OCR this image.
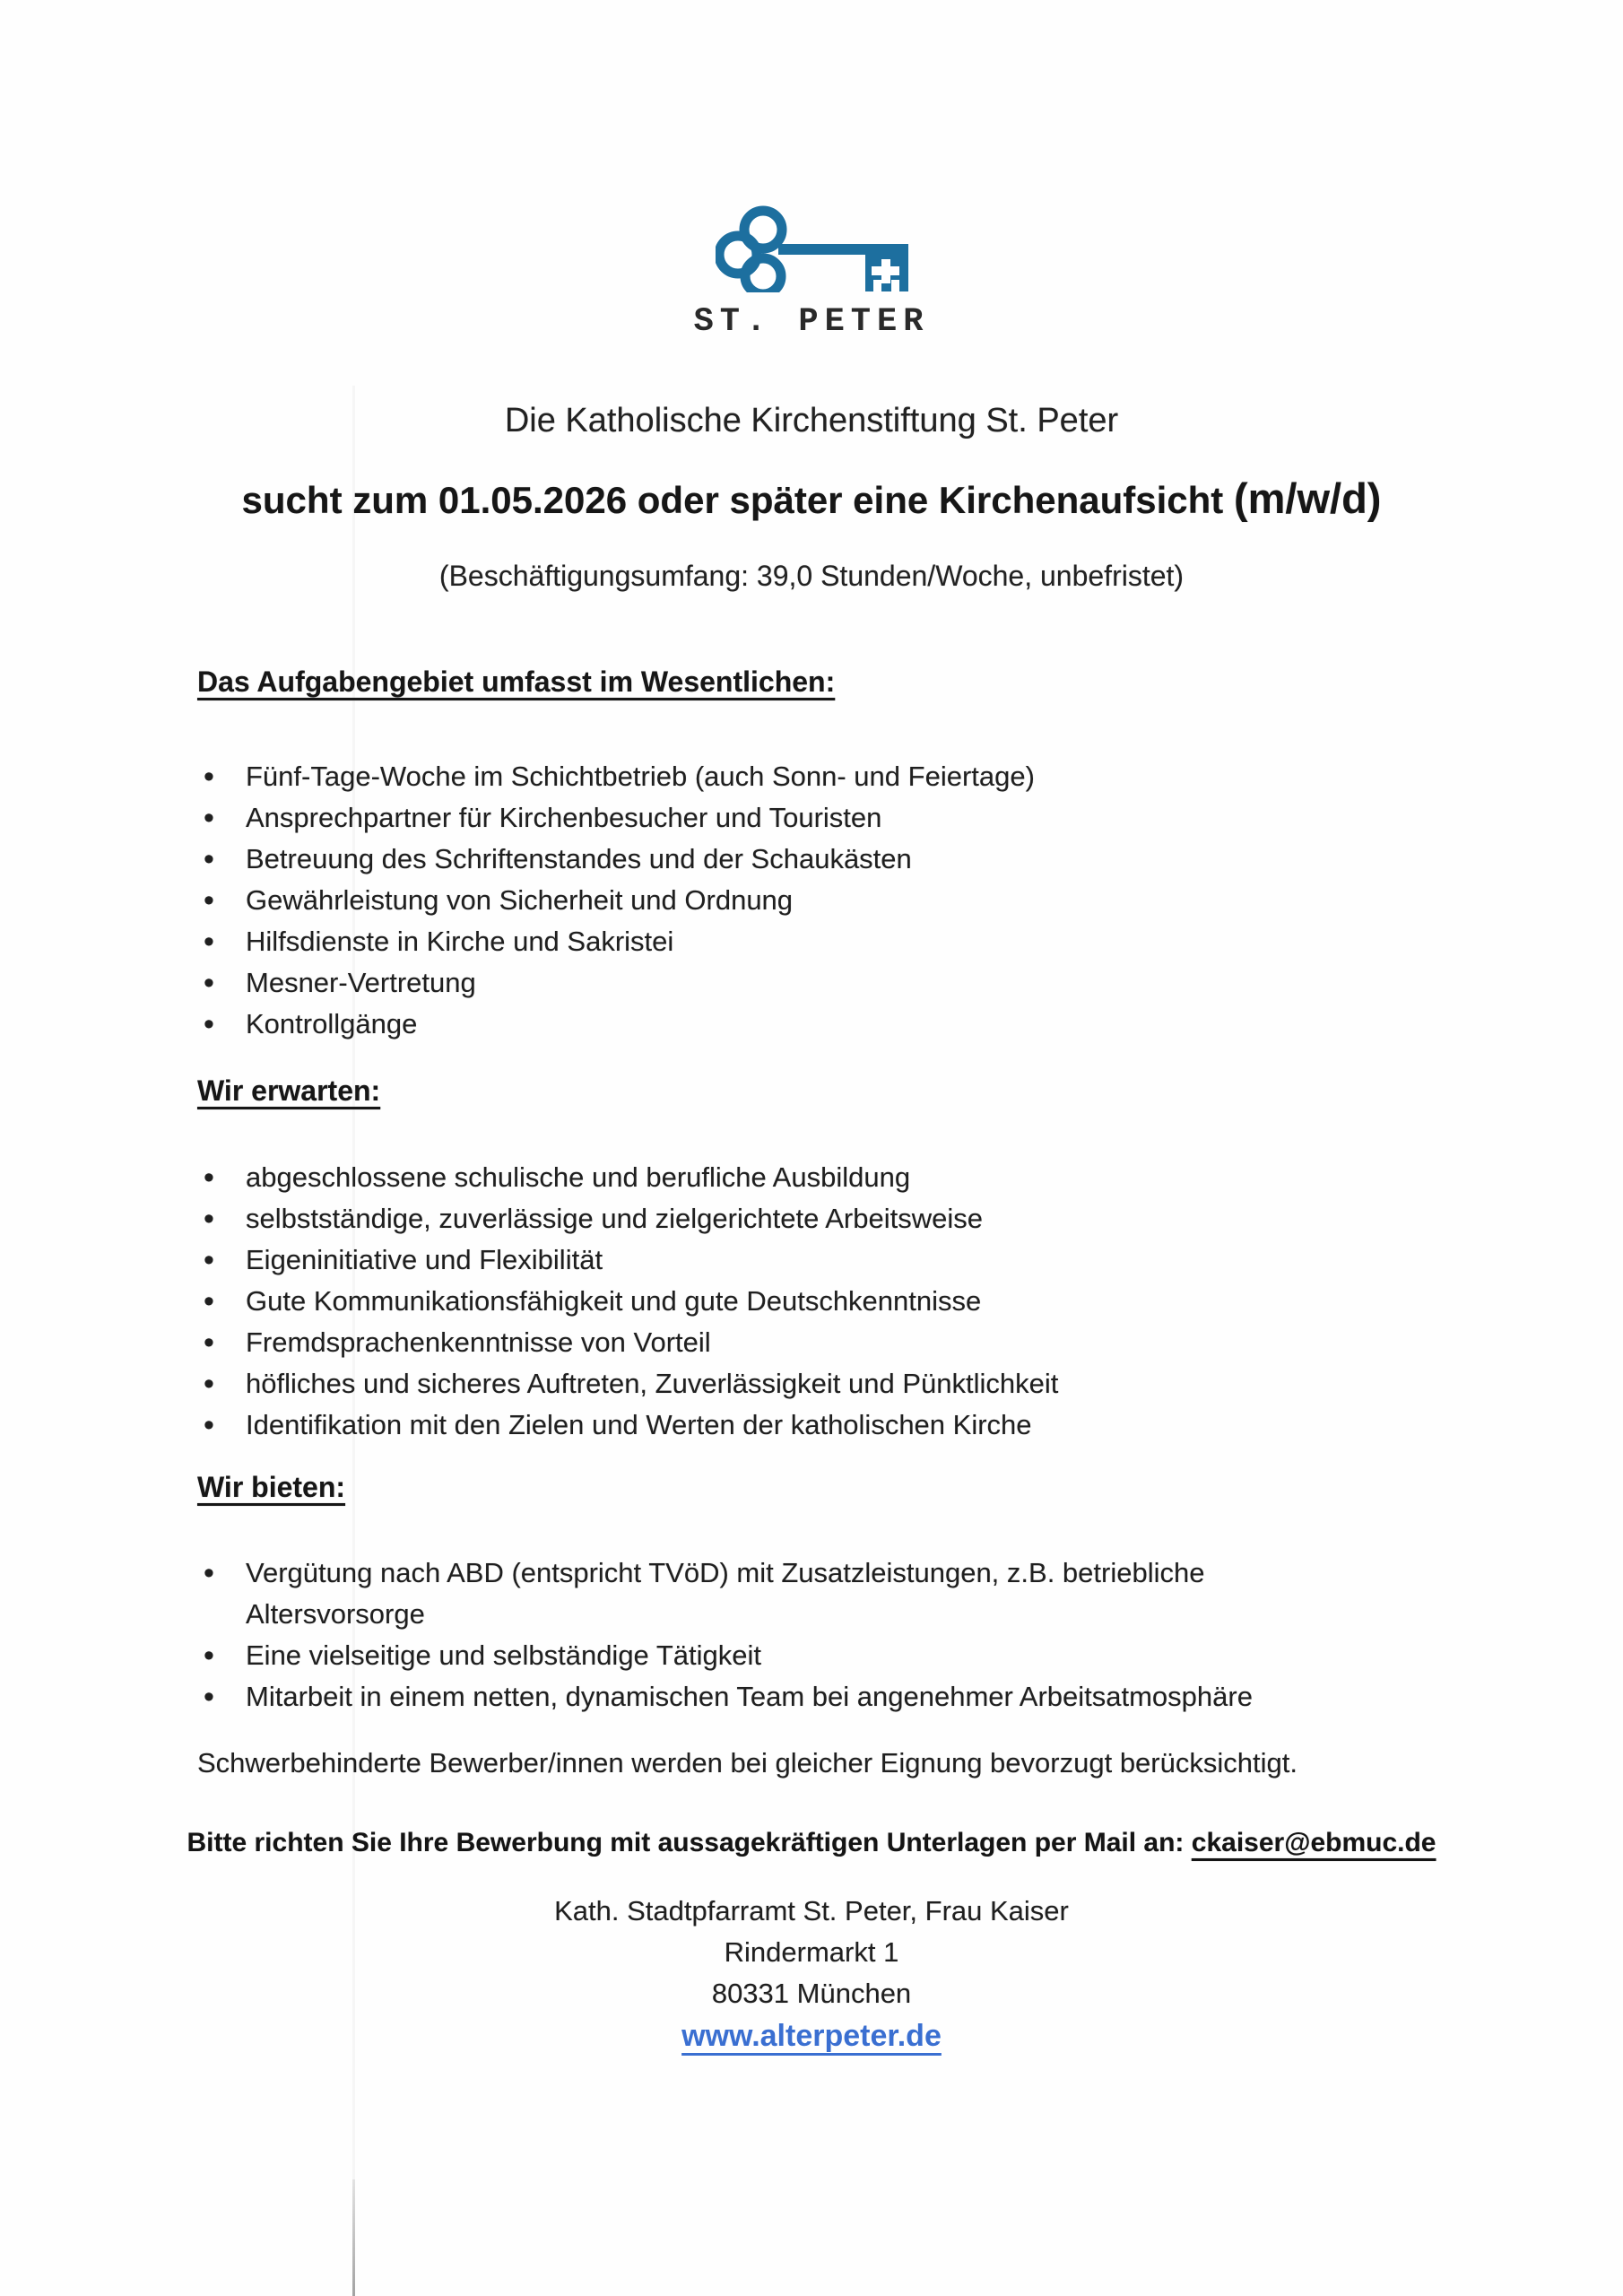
ST. PETER
Die Katholische Kirchenstiftung St. Peter
sucht zum 01.05.2026 oder später eine Kirchenaufsicht (m/w/d)
(Beschäftigungsumfang: 39,0 Stunden/Woche, unbefristet)
Das Aufgabengebiet umfasst im Wesentlichen:
• Fünf-Tage-Woche im Schichtbetrieb (auch Sonn- und Feiertage)
• Ansprechpartner für Kirchenbesucher und Touristen
• Betreuung des Schriftenstandes und der Schaukästen
• Gewährleistung von Sicherheit und Ordnung
• Hilfsdienste in Kirche und Sakristei
• Mesner-Vertretung
• Kontrollgänge
Wir erwarten:
• abgeschlossene schulische und berufliche Ausbildung
• selbstständige, zuverlässige und zielgerichtete Arbeitsweise
• Eigeninitiative und Flexibilität
• Gute Kommunikationsfähigkeit und gute Deutschkenntnisse
• Fremdsprachenkenntnisse von Vorteil
• höfliches und sicheres Auftreten, Zuverlässigkeit und Pünktlichkeit
• Identifikation mit den Zielen und Werten der katholischen Kirche
Wir bieten:
• Vergütung nach ABD (entspricht TVöD) mit Zusatzleistungen, z.B. betriebliche Altersvorsorge
• Eine vielseitige und selbständige Tätigkeit
• Mitarbeit in einem netten, dynamischen Team bei angenehmer Arbeitsatmosphäre
Schwerbehinderte Bewerber/innen werden bei gleicher Eignung bevorzugt berücksichtigt.
Bitte richten Sie Ihre Bewerbung mit aussagekräftigen Unterlagen per Mail an: ckaiser@ebmuc.de
Kath. Stadtpfarramt St. Peter, Frau Kaiser
Rindermarkt 1
80331 München
www.alterpeter.de
